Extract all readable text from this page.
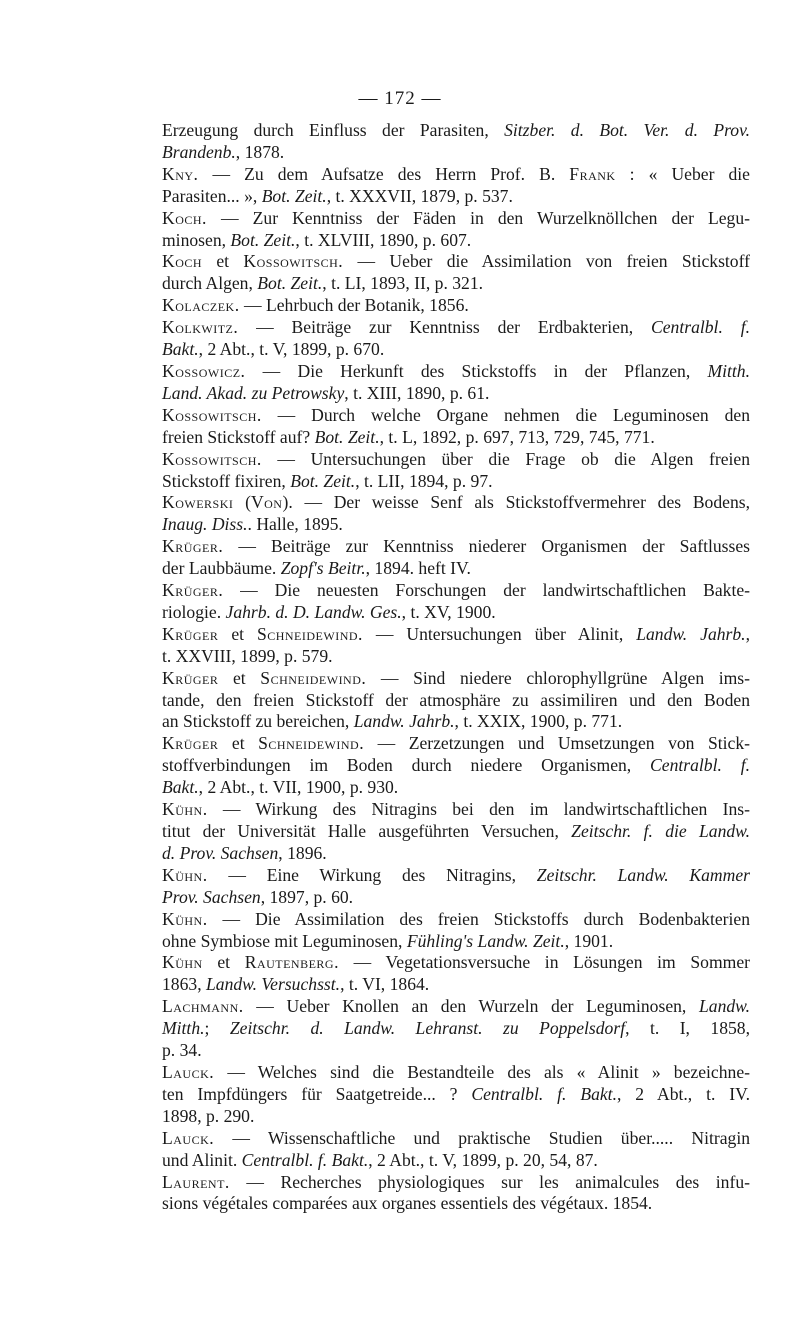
— 172 —

Erzeugung durch Einfluss der Parasiten, Sitzber. d. Bot. Ver. d. Prov.
Brandenb., 1878.

Kny. — Zu dem Aufsatze des Herrn Prof. B. Frank : « Ueber die
Parasiten... », Bot. Zeit., t. XXXVII, 1879, p. 537.

Koch. — Zur Kenntniss der Fäden in den Wurzelknöllchen der Legu-
minosen, Bot. Zeit., t. XLVIII, 1890, p. 607.

Koch et Kossowitsch. — Ueber die Assimilation von freien Stickstoff
durch Algen, Bot. Zeit., t. LI, 1893, II, p. 321.

Kolaczek. — Lehrbuch der Botanik, 1856.

Kolkwitz. — Beiträge zur Kenntniss der Erdbakterien, Centralbl. f.
Bakt., 2 Abt., t. V, 1899, p. 670.

Kossowicz. — Die Herkunft des Stickstoffs in der Pflanzen, Mitth.
Land. Akad. zu Petrowsky, t. XIII, 1890, p. 61.

Kossowitsch. — Durch welche Organe nehmen die Leguminosen den
freien Stickstoff auf? Bot. Zeit., t. L, 1892, p. 697, 713, 729, 745, 771.

Kossowitsch. — Untersuchungen über die Frage ob die Algen freien
Stickstoff fixiren, Bot. Zeit., t. LII, 1894, p. 97.

Kowerski (Von). — Der weisse Senf als Stickstoffvermehrer des Bodens,
Inaug. Diss.. Halle, 1895.

Krüger. — Beiträge zur Kenntniss niederer Organismen der Saftlusses
der Laubbäume. Zopf's Beitr., 1894. heft IV.

Krüger. — Die neuesten Forschungen der landwirtschaftlichen Bakte-
riologie. Jahrb. d. D. Landw. Ges., t. XV, 1900.

Krüger et Schneidewind. — Untersuchungen über Alinit, Landw. Jahrb.,
t. XXVIII, 1899, p. 579.

Krüger et Schneidewind. — Sind niedere chlorophyllgrüne Algen ims-
tande, den freien Stickstoff der atmosphäre zu assimiliren und den Boden
an Stickstoff zu bereichen, Landw. Jahrb., t. XXIX, 1900, p. 771.

Krüger et Schneidewind. — Zerzetzungen und Umsetzungen von Stick-
stoffverbindungen im Boden durch niedere Organismen, Centralbl. f.
Bakt., 2 Abt., t. VII, 1900, p. 930.

Kühn. — Wirkung des Nitragins bei den im landwirtschaftlichen Ins-
titut der Universität Halle ausgeführten Versuchen, Zeitschr. f. die Landw.
d. Prov. Sachsen, 1896.

Kühn. — Eine Wirkung des Nitragins, Zeitschr. Landw. Kammer
Prov. Sachsen, 1897, p. 60.

Kühn. — Die Assimilation des freien Stickstoffs durch Bodenbakterien
ohne Symbiose mit Leguminosen, Fühling's Landw. Zeit., 1901.

Kühn et Rautenberg. — Vegetationsversuche in Lösungen im Sommer
1863, Landw. Versuchsst., t. VI, 1864.

Lachmann. — Ueber Knollen an den Wurzeln der Leguminosen, Landw.
Mitth.; Zeitschr. d. Landw. Lehranst. zu Poppelsdorf, t. I, 1858,
p. 34.

Lauck. — Welches sind die Bestandteile des als « Alinit » bezeichne-
ten Impfdüngers für Saatgetreide... ? Centralbl. f. Bakt., 2 Abt., t. IV.
1898, p. 290.

Lauck. — Wissenschaftliche und praktische Studien über..... Nitragin
und Alinit. Centralbl. f. Bakt., 2 Abt., t. V, 1899, p. 20, 54, 87.

Laurent. — Recherches physiologiques sur les animalcules des infu-
sions végétales comparées aux organes essentiels des végétaux. 1854.
